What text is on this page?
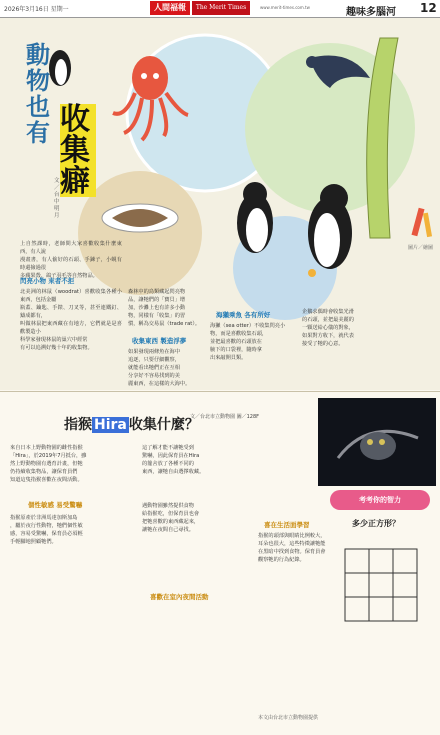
2026年3月16日 星期一	人間福報	The Merit Times	www.merit-times.com.tw	趣味多腦河 12
動物也有 收集癖
文／台中 明 月
上自然課時，老師問大家喜歡收集什麼東西，有人說
漫畫書，有人偷好的石頭、手鍊子，小蜆有時還撿過很
多蘋果殼、鴿子羽毛等自然物品。
閃亮小物 來者不拒
北美洲的林鼠（woodrat）喜歡收集各種小東西，包括金屬
瓶蓋、鑰匙、手錶、刀叉等，甚至連鐵釘、鑄成都有，
叫做林鼠把東西藏在有地方，它們就是是喜歡製造小
科學家發現林鼠的巢穴中經常
有可以追溯好幾十年的收集物。
森林中的鳥類藏起閃亮物
品，讓牠們的「寶貝」增
加，沙灘上也有許多小動
物，同樣有「收集」的習
慣，稱為交易鼠（trade rat）。
收集東西 製造浮夢
如果發現兩條魚在海中
追逐，只要仔細觀察，
就能看出牠們正在互相
分享好不容易找到的美
麗東西，在這樣的大海中。
海獺乘魚 各有所好
海獺（sea otter）不收集閃亮小
物，而是喜歡收集石頭，
並把最喜歡的石頭放在
腋下的口袋裡，隨時拿
出來敲開貝類。
企鵝求偶時會收集光滑
的石頭，並把最美麗的
一顆送給心儀的對象，
如果對方收下，就代表
接受了牠的心意。
圖片／繪圖
指猴 Hira 收集什麼？
文／台北市立動物園 圖／128F
來自日本上野動物園的雌性指猴
「Hira」，於2019年7月抵台，雖
然上野動物園有選育計畫，但牠
仍持續收集物品，讓保育員們
知道這隻指猴喜歡在夜間活動。
個性敏感 易受驚嚇
指猴原產於非洲馬達加斯加島
，屬於夜行性動物，牠們個性敏
感，容易受驚嚇，保育員必須輕
手輕腳地照顧牠們。
這了解才能不讓牠受到
驚嚇，因此保育員在Hira
的籠舍放了各種不同的
東西，讓牠自由選擇收藏。
遇動物園雖然提供食物
給指猴吃，但保育員也會
把牠喜歡的東西藏起來，
讓牠在夜間自己尋找。
喜歡在室內夜間活動
喜在生活面學習
指猴的頭部與眼睛比例較大，
耳朵也很大，這些特徵讓牠能
在黑暗中找到食物。保育員會
觀察牠的行為紀錄。
考考你的智力
多少正方形？
本文由台北市立動物園提供
